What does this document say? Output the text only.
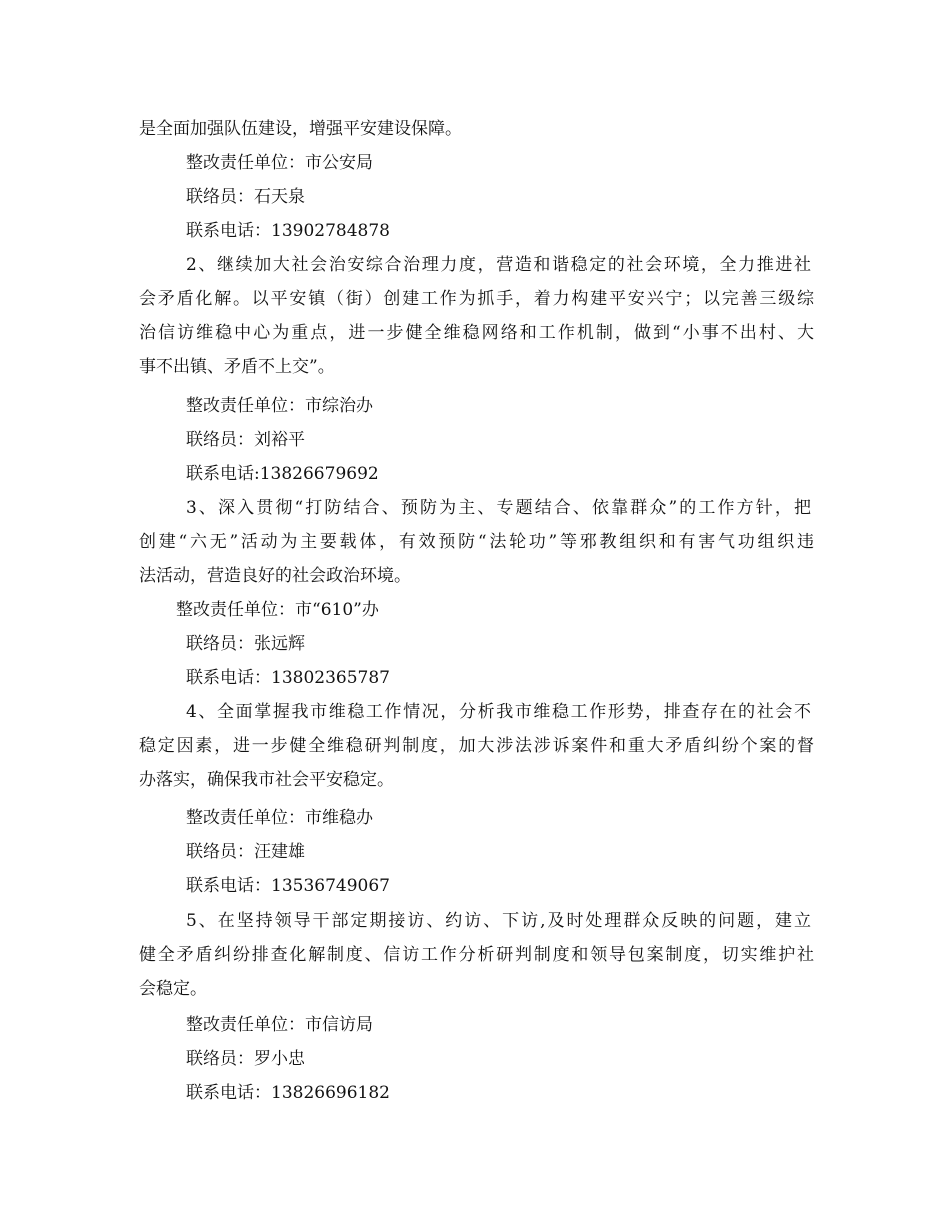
是全面加强队伍建设，增强平安建设保障。
整改责任单位：市公安局
联络员：石天泉
联系电话：13902784878
2、继续加大社会治安综合治理力度，营造和谐稳定的社会环境，全力推进社
会矛盾化解。以平安镇（街）创建工作为抓手，着力构建平安兴宁；以完善三级综
治信访维稳中心为重点，进一步健全维稳网络和工作机制，做到“小事不出村、大
事不出镇、矛盾不上交”。
整改责任单位：市综治办
联络员：刘裕平
联系电话:13826679692
3、深入贯彻“打防结合、预防为主、专题结合、依靠群众”的工作方针，把
创建“六无”活动为主要载体，有效预防“法轮功”等邪教组织和有害气功组织违
法活动，营造良好的社会政治环境。
整改责任单位：市“610”办
联络员：张远辉
联系电话：13802365787
4、全面掌握我市维稳工作情况，分析我市维稳工作形势，排查存在的社会不
稳定因素，进一步健全维稳研判制度，加大涉法涉诉案件和重大矛盾纠纷个案的督
办落实，确保我市社会平安稳定。
整改责任单位：市维稳办
联络员：汪建雄
联系电话：13536749067
5、在坚持领导干部定期接访、约访、下访,及时处理群众反映的问题，建立
健全矛盾纠纷排查化解制度、信访工作分析研判制度和领导包案制度，切实维护社
会稳定。
整改责任单位：市信访局
联络员：罗小忠
联系电话：13826696182
